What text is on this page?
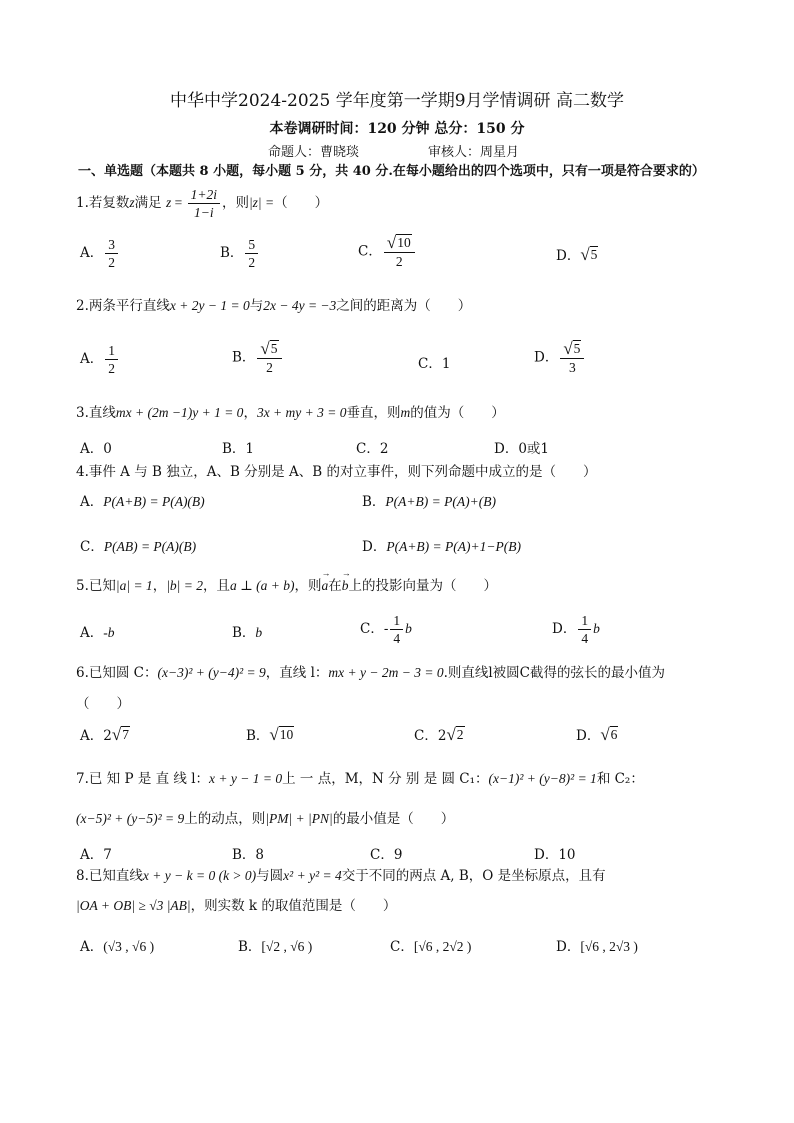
中华中学2024-2025 学年度第一学期9月学情调研 高二数学
本卷调研时间：120 分钟 总分：150 分
命题人：曹晓琰	审核人：周星月
一、单选题（本题共 8 小题，每小题 5 分，共 40 分.在每小题给出的四个选项中，只有一项是符合要求的）
1.若复数z满足 $z = \frac{1+2i}{1-i}$ ，则|z| =（　　）
A． $\frac{3}{2}$	B． $\frac{5}{2}$	C． $\frac{√ 10}{2}$	D． √ 5
2.两条平行直线x + 2y − 1 = 0与2x − 4y = −3之间的距离为（　　）
A． $\frac{1}{2}$	B． $\frac{√ 5}{2}$	C．1	D． $\frac{√ 5}{3}$
3.直线mx + (2m −1)y + 1 = 0，3x + my + 3 = 0垂直，则m的值为（　　）
A．0	B．1	C．2	D．0或1
4.事件 A 与 B 独立，A、B 分别是 A、B 的对立事件，则下列命题中成立的是（　　）
A．P(A+B) = P(A)(B)	B．P(A+B) = P(A)+(B)
C．P(AB) = P(A)(B)	D．P(A+B) = P(A)+1−P(B)
5.已知|a| = 1，|b| = 2，且a ⊥ (a + b)，则→ a在→ b上的投影向量为（　　）
A．-b	B．b	C．- $\frac{1}{4}$ b	D． $\frac{1}{4}$ b
6.已知圆 C：(x−3)² + (y−4)² = 9，直线 l：mx + y − 2m − 3 = 0.则直线l被圆C截得的弦长的最小值为
（　　）
A．2 √ 7	B． √ 10	C．2 √ 2	D． √ 6
7.已 知 P 是 直 线 l：x + y − 1 = 0上 一 点，M，N 分 别 是 圆 C₁：(x−1)² + (y−8)² = 1和 C₂：
(x−5)² + (y−5)² = 9上的动点，则|PM| + |PN|的最小值是（　　）
A．7	B．8	C．9	D．10
8.已知直线x + y − k = 0 (k > 0)与圆x² + y² = 4交于不同的两点 A, B，O 是坐标原点，且有
|OA + OB| ≥ √3 |AB|，则实数 k 的取值范围是（　　）
A．(√3 , √6 )	B．[√2 , √6 )	C．[√6 , 2√2 )	D．[√6 , 2√3 )
